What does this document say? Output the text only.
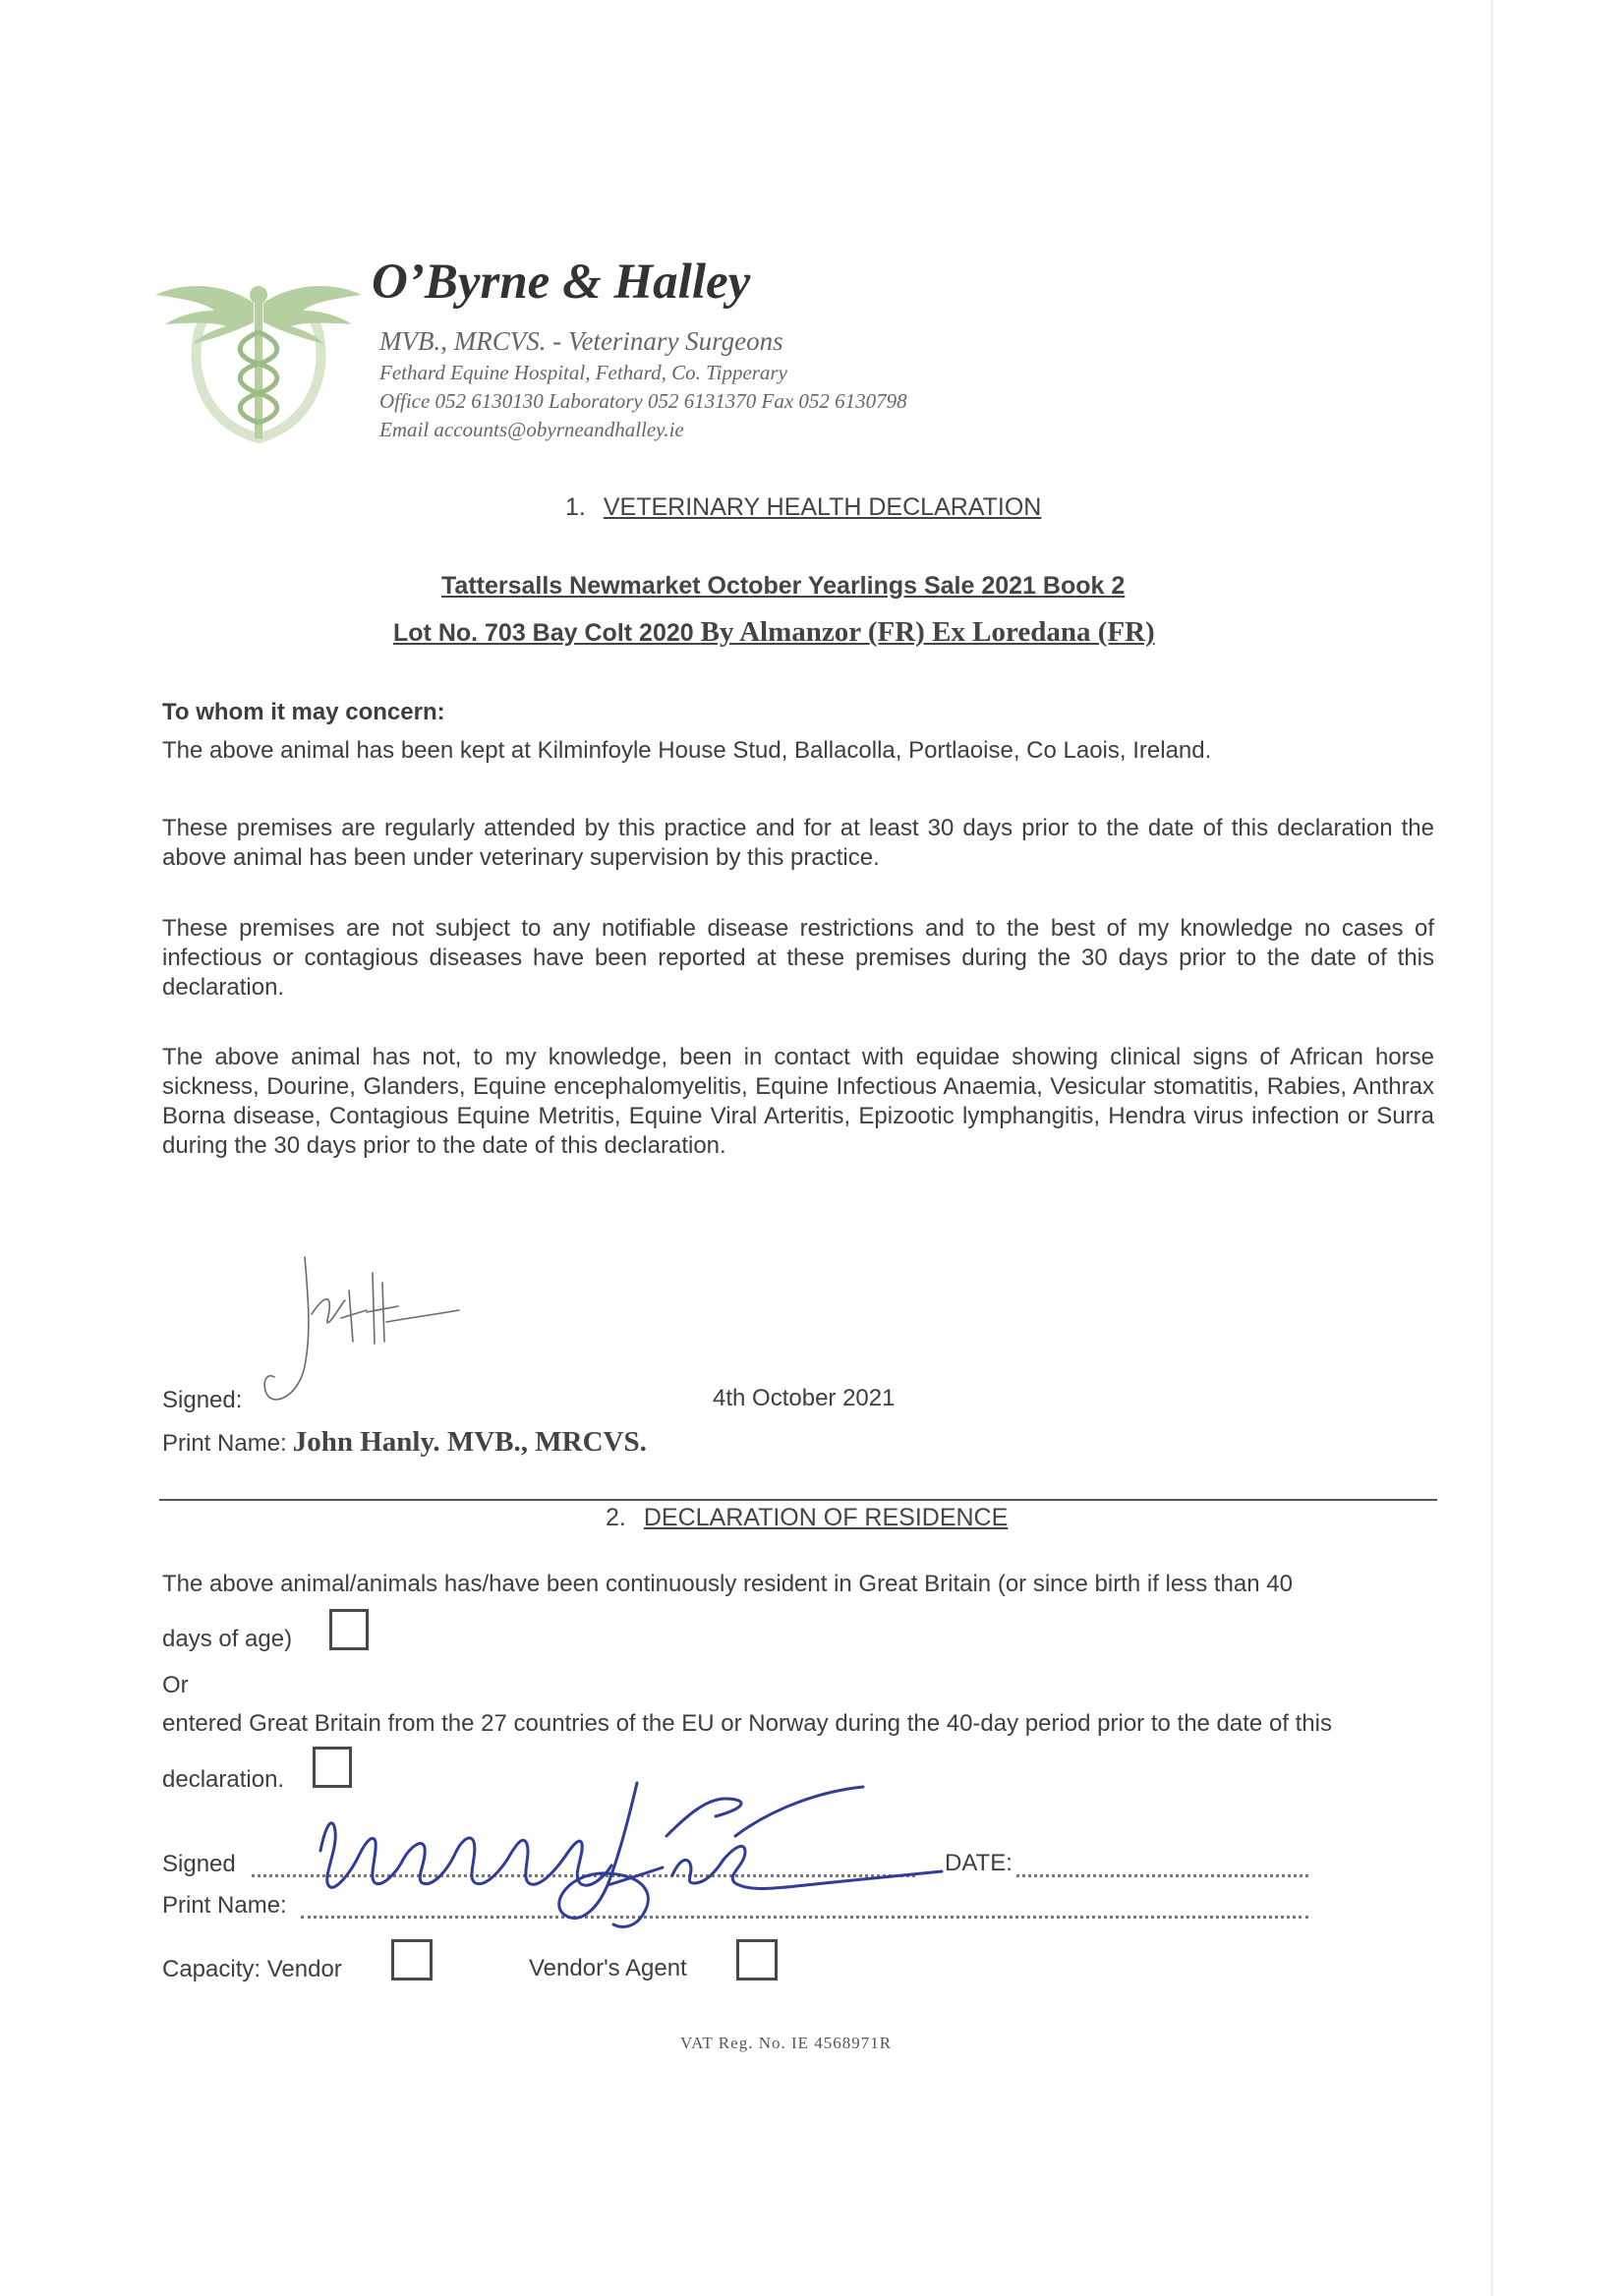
O’Byrne & Halley
MVB., MRCVS. - Veterinary Surgeons
Fethard Equine Hospital, Fethard, Co. Tipperary
Office 052 6130130 Laboratory 052 6131370 Fax 052 6130798
Email accounts@obyrneandhalley.ie
1. VETERINARY HEALTH DECLARATION
Tattersalls Newmarket October Yearlings Sale 2021 Book 2
Lot No. 703 Bay Colt 2020 By Almanzor (FR) Ex Loredana (FR)
To whom it may concern:
The above animal has been kept at Kilminfoyle House Stud, Ballacolla, Portlaoise, Co Laois, Ireland.
These premises are regularly attended by this practice and for at least 30 days prior to the date of this declaration the above animal has been under veterinary supervision by this practice.
These premises are not subject to any notifiable disease restrictions and to the best of my knowledge no cases of infectious or contagious diseases have been reported at these premises during the 30 days prior to the date of this declaration.
The above animal has not, to my knowledge, been in contact with equidae showing clinical signs of African horse sickness, Dourine, Glanders, Equine encephalomyelitis, Equine Infectious Anaemia, Vesicular stomatitis, Rabies, Anthrax Borna disease, Contagious Equine Metritis, Equine Viral Arteritis, Epizootic lymphangitis, Hendra virus infection or Surra during the 30 days prior to the date of this declaration.
Signed:	4th October 2021
Print Name: John Hanly. MVB., MRCVS.
2. DECLARATION OF RESIDENCE
The above animal/animals has/have been continuously resident in Great Britain (or since birth if less than 40
days of age)
Or
entered Great Britain from the 27 countries of the EU or Norway during the 40-day period prior to the date of this
declaration.
Signed	DATE:
Print Name:
Capacity: Vendor	Vendor's Agent
VAT Reg. No. IE 4568971R
